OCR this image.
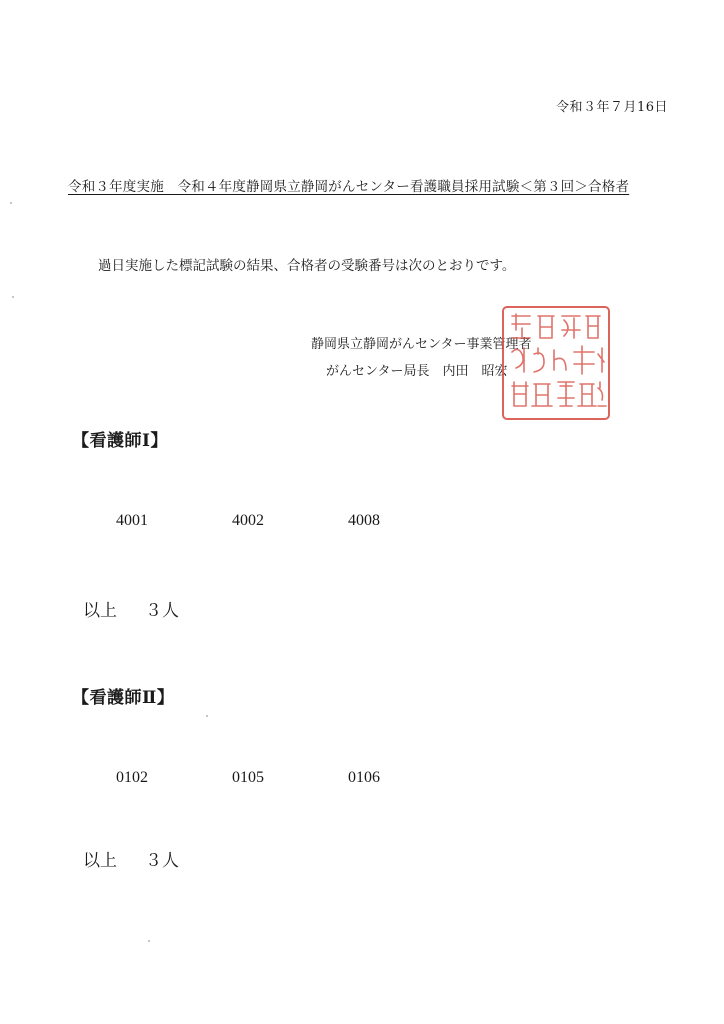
令和３年７月16日
令和３年度実施　令和４年度静岡県立静岡がんセンター看護職員採用試験＜第３回＞合格者
過日実施した標記試験の結果、合格者の受験番号は次のとおりです。
静岡県立静岡がんセンター事業管理者
がんセンター局長　 内田　昭宏
【看護師Ⅰ】
4001	4002	4008
以上 ３人
【看護師Ⅱ】
0102	0105	0106
以上 ３人
